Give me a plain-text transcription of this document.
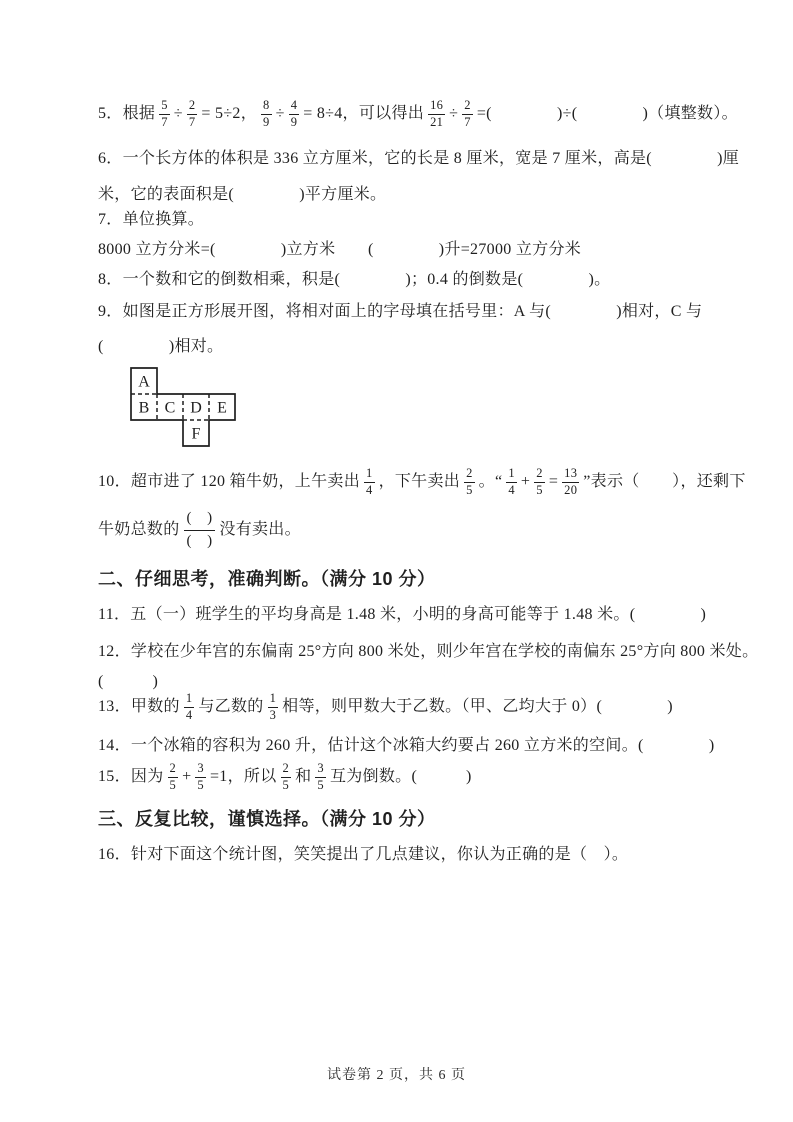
5．根据 $\frac{5}{7} \div \frac{2}{7} = 5\div 2$， $\frac{8}{9} \div \frac{4}{9} = 8\div 4$，可以得出 $\frac{16}{21} \div \frac{2}{7}$ =(　　　　)÷(　　　　)（填整数）。
6．一个长方体的体积是 336 立方厘米，它的长是 8 厘米，宽是 7 厘米，高是(　　　　)厘
米，它的表面积是(　　　　)平方厘米。
7．单位换算。
8000 立方分米=(　　　　)立方米　　(　　　　)升=27000 立方分米
8．一个数和它的倒数相乘，积是(　　　　)；0.4 的倒数是(　　　　)。
9．如图是正方形展开图，将相对面上的字母填在括号里：A 与(　　　　)相对，C 与
(　　　　)相对。
10．超市进了 120 箱牛奶，上午卖出 $\frac{1}{4}$ ，下午卖出 $\frac{2}{5}$ 。“ $\frac{1}{4} + \frac{2}{5} = \frac{13}{20}$ ”表示（　　），还剩下
牛奶总数的 $\frac{( )}{( )}$ 没有卖出。
二、仔细思考，准确判断。（满分 10 分）
11．五（一）班学生的平均身高是 1.48 米，小明的身高可能等于 1.48 米。(　　　　)
12．学校在少年宫的东偏南 25°方向 800 米处，则少年宫在学校的南偏东 25°方向 800 米处。
(　　　)
13．甲数的 $\frac{1}{4}$ 与乙数的 $\frac{1}{3}$ 相等，则甲数大于乙数。（甲、乙均大于 0）(　　　　)
14．一个冰箱的容积为 260 升，估计这个冰箱大约要占 260 立方米的空间。(　　　　)
15．因为 $\frac{2}{5} + \frac{3}{5} =1$，所以 $\frac{2}{5}$ 和 $\frac{3}{5}$ 互为倒数。(　　　)
三、反复比较，谨慎选择。（满分 10 分）
16．针对下面这个统计图，笑笑提出了几点建议，你认为正确的是（　）。
A
B C D E
F
试卷第 2 页，共 6 页
